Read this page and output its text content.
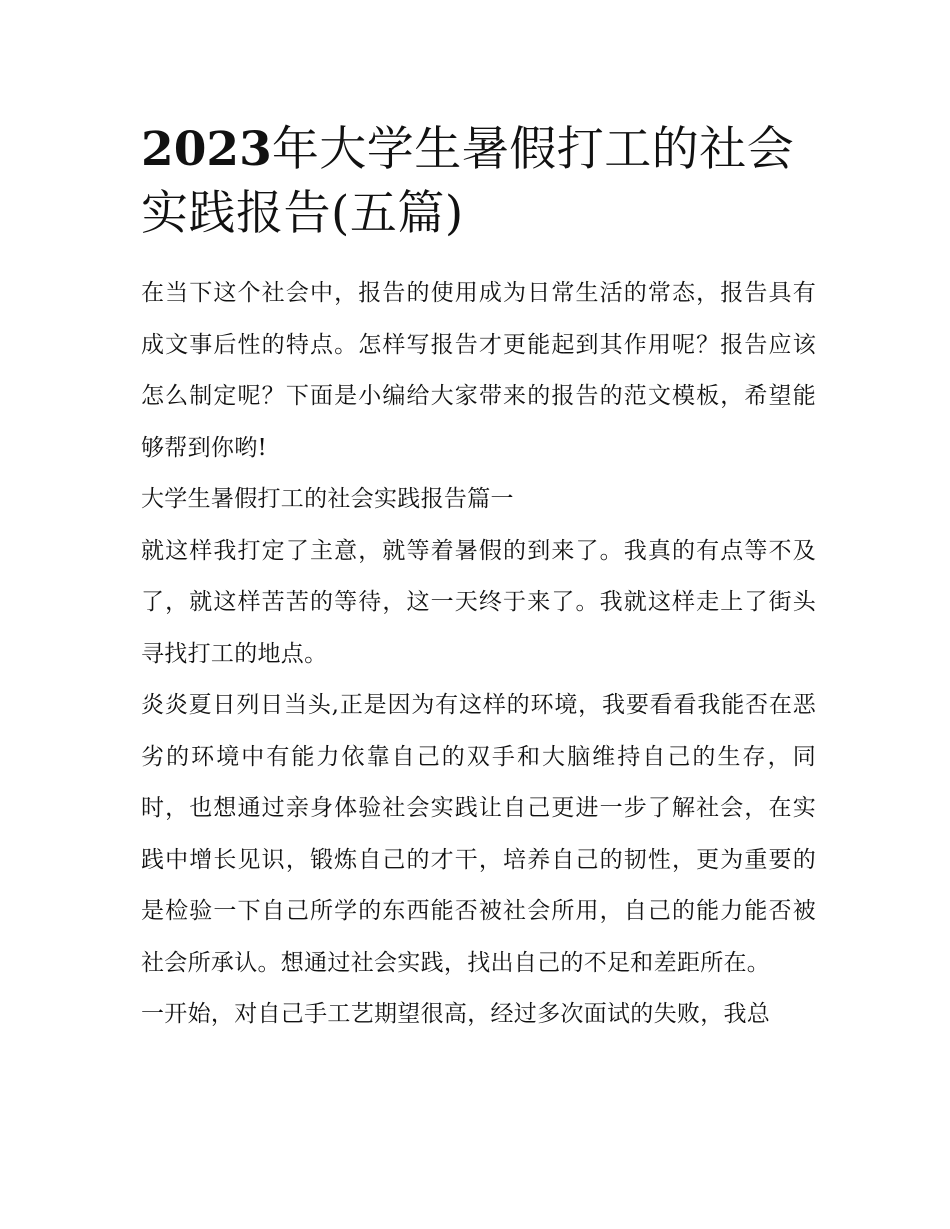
2023年大学生暑假打工的社会实践报告(五篇)

在当下这个社会中，报告的使用成为日常生活的常态，报告具有成文事后性的特点。怎样写报告才更能起到其作用呢？报告应该怎么制定呢？下面是小编给大家带来的报告的范文模板，希望能够帮到你哟!

大学生暑假打工的社会实践报告篇一

就这样我打定了主意，就等着暑假的到来了。我真的有点等不及了，就这样苦苦的等待，这一天终于来了。我就这样走上了街头寻找打工的地点。

炎炎夏日列日当头,正是因为有这样的环境，我要看看我能否在恶劣的环境中有能力依靠自己的双手和大脑维持自己的生存，同时，也想通过亲身体验社会实践让自己更进一步了解社会，在实践中增长见识，锻炼自己的才干，培养自己的韧性，更为重要的是检验一下自己所学的东西能否被社会所用，自己的能力能否被社会所承认。想通过社会实践，找出自己的不足和差距所在。

一开始，对自己手工艺期望很高，经过多次面试的失败，我总
